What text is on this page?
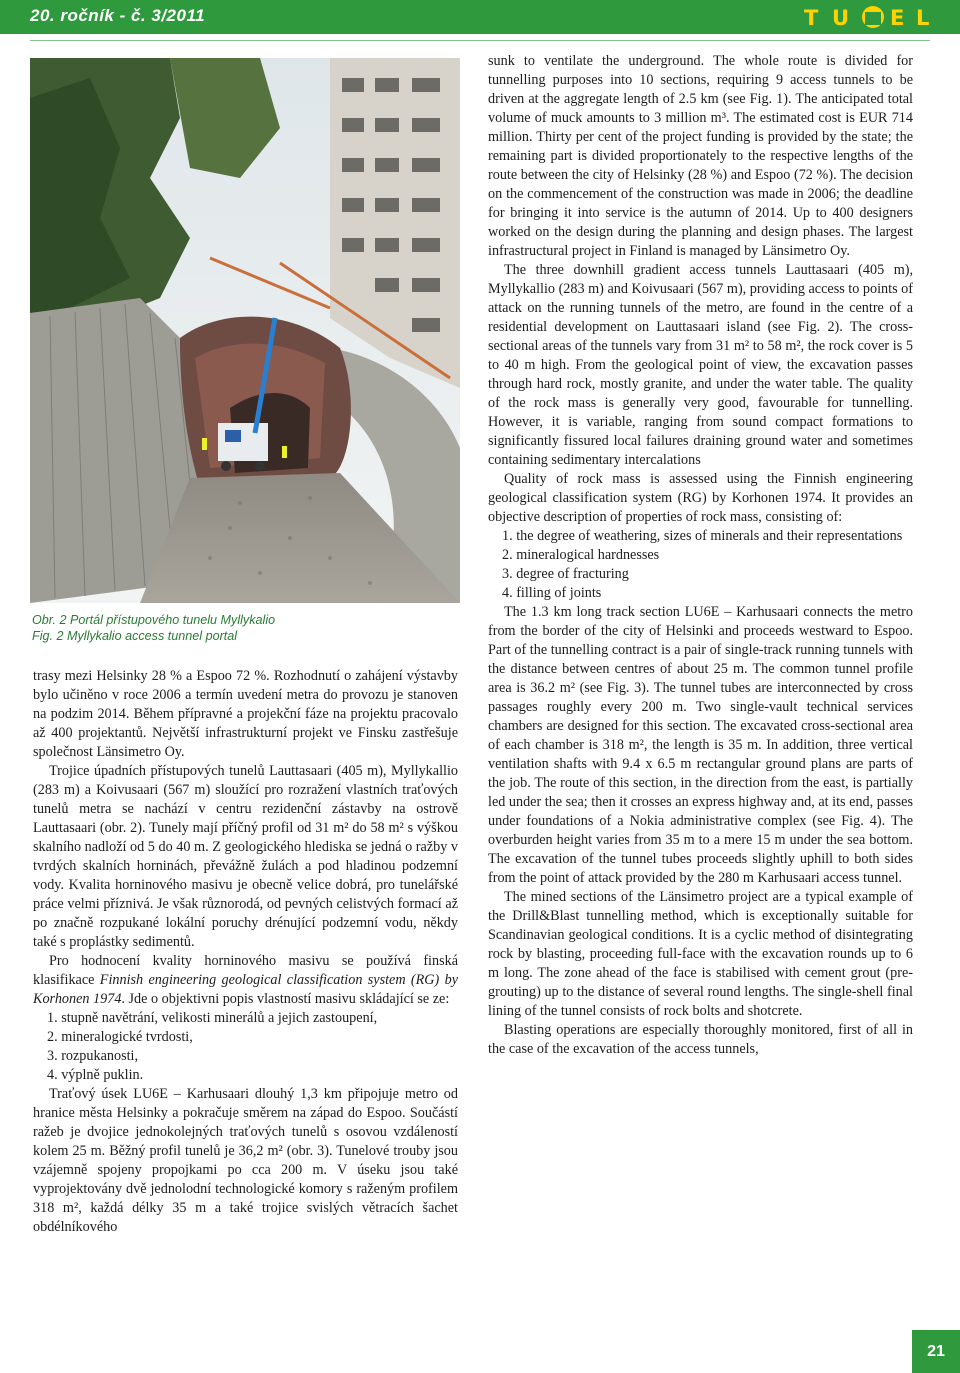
20. ročník - č. 3/2011	T U E L
Obr. 2 Portál přístupového tunelu Myllykalio
Fig. 2 Myllykalio access tunnel portal

trasy mezi Helsinky 28 % a Espoo 72 %. Rozhodnutí o zahájení výstavby bylo učiněno v roce 2006 a termín uvedení metra do provozu je stanoven na podzim 2014. Během přípravné a projekční fáze na projektu pracovalo až 400 projektantů. Největší infrastrukturní projekt ve Finsku zastřešuje společnost Länsimetro Oy.

Trojice úpadních přístupových tunelů Lauttasaari (405 m), Myllykallio (283 m) a Koivusaari (567 m) sloužící pro rozražení vlastních traťových tunelů metra se nachází v centru rezidenční zástavby na ostrově Lauttasaari (obr. 2). Tunely mají příčný profil od 31 m² do 58 m² s výškou skalního nadloží od 5 do 40 m. Z geologického hlediska se jedná o ražby v tvrdých skalních horninách, převážně žulách a pod hladinou podzemní vody. Kvalita horninového masivu je obecně velice dobrá, pro tunelářské práce velmi příznivá. Je však různorodá, od pevných celistvých formací až po značně rozpukané lokální poruchy drénující podzemní vodu, někdy také s proplástky sedimentů.

Pro hodnocení kvality horninového masivu se používá finská klasifikace Finnish engineering geological classification system (RG) by Korhonen 1974. Jde o objektivni popis vlastností masivu skládající se ze:

1. stupně navětrání, velikosti minerálů a jejich zastoupení,
2. mineralogické tvrdosti,
3. rozpukanosti,
4. výplně puklin.

Traťový úsek LU6E – Karhusaari dlouhý 1,3 km připojuje metro od hranice města Helsinky a pokračuje směrem na západ do Espoo. Součástí ražeb je dvojice jednokolejných traťových tunelů s osovou vzdáleností kolem 25 m. Běžný profil tunelů je 36,2 m² (obr. 3). Tunelové trouby jsou vzájemně spojeny propojkami po cca 200 m. V úseku jsou také vyprojektovány dvě jednolodní technologické komory s raženým profilem 318 m², každá délky 35 m a také trojice svislých větracích šachet obdélníkového

sunk to ventilate the underground. The whole route is divided for tunnelling purposes into 10 sections, requiring 9 access tunnels to be driven at the aggregate length of 2.5 km (see Fig. 1). The anticipated total volume of muck amounts to 3 million m³. The estimated cost is EUR 714 million. Thirty per cent of the project funding is provided by the state; the remaining part is divided proportionately to the respective lengths of the route between the city of Helsinky (28 %) and Espoo (72 %). The decision on the commencement of the construction was made in 2006; the deadline for bringing it into service is the autumn of 2014. Up to 400 designers worked on the design during the planning and design phases. The largest infrastructural project in Finland is managed by Länsimetro Oy.

The three downhill gradient access tunnels Lauttasaari (405 m), Myllykallio (283 m) and Koivusaari (567 m), providing access to points of attack on the running tunnels of the metro, are found in the centre of a residential development on Lauttasaari island (see Fig. 2). The cross-sectional areas of the tunnels vary from 31 m² to 58 m², the rock cover is 5 to 40 m high. From the geological point of view, the excavation passes through hard rock, mostly granite, and under the water table. The quality of the rock mass is generally very good, favourable for tunnelling. However, it is variable, ranging from sound compact formations to significantly fissured local failures draining ground water and sometimes containing sedimentary intercalations

Quality of rock mass is assessed using the Finnish engineering geological classification system (RG) by Korhonen 1974. It provides an objective description of properties of rock mass, consisting of:

1. the degree of weathering, sizes of minerals and their representations
2. mineralogical hardnesses
3. degree of fracturing
4. filling of joints

The 1.3 km long track section LU6E – Karhusaari connects the metro from the border of the city of Helsinki and proceeds westward to Espoo. Part of the tunnelling contract is a pair of single-track running tunnels with the distance between centres of about 25 m. The common tunnel profile area is 36.2 m² (see Fig. 3). The tunnel tubes are interconnected by cross passages roughly every 200 m. Two single-vault technical services chambers are designed for this section. The excavated cross-sectional area of each chamber is 318 m², the length is 35 m. In addition, three vertical ventilation shafts with 9.4 x 6.5 m rectangular ground plans are parts of the job. The route of this section, in the direction from the east, is partially led under the sea; then it crosses an express highway and, at its end, passes under foundations of a Nokia administrative complex (see Fig. 4). The overburden height varies from 35 m to a mere 15 m under the sea bottom. The excavation of the tunnel tubes proceeds slightly uphill to both sides from the point of attack provided by the 280 m Karhusaari access tunnel.

The mined sections of the Länsimetro project are a typical example of the Drill&Blast tunnelling method, which is exceptionally suitable for Scandinavian geological conditions. It is a cyclic method of disintegrating rock by blasting, proceeding full-face with the excavation rounds up to 6 m long. The zone ahead of the face is stabilised with cement grout (pre-grouting) up to the distance of several round lengths. The single-shell final lining of the tunnel consists of rock bolts and shotcrete.

Blasting operations are especially thoroughly monitored, first of all in the case of the excavation of the access tunnels,

21
